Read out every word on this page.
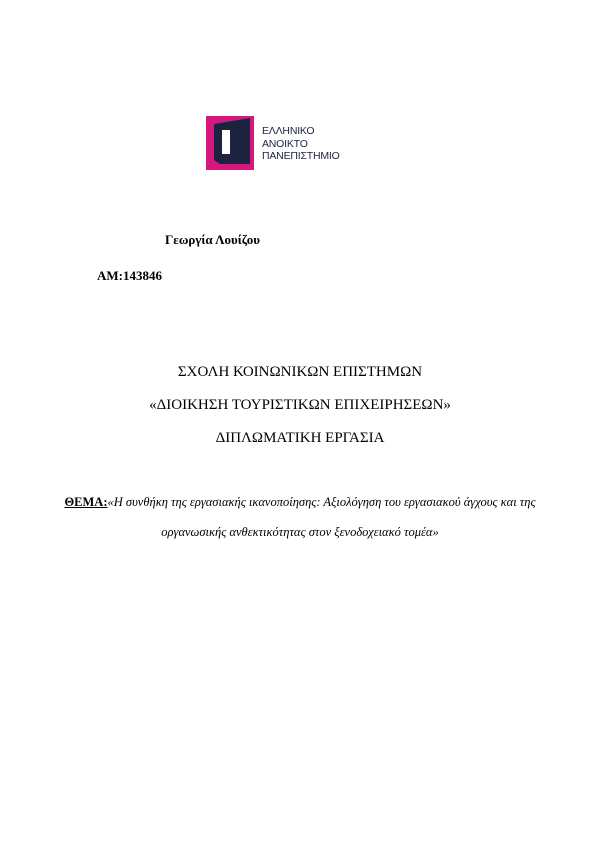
ΕΛΛΗΝΙΚΟ
ΑΝΟΙΚΤΟ
ΠΑΝΕΠΙΣΤΗΜΙΟ
Γεωργία Λουίζου
ΑΜ:143846
ΣΧΟΛΗ ΚΟΙΝΩΝΙΚΩΝ ΕΠΙΣΤΗΜΩΝ
«ΔΙΟΙΚΗΣΗ ΤΟΥΡΙΣΤΙΚΩΝ ΕΠΙΧΕΙΡΗΣΕΩΝ»
ΔΙΠΛΩΜΑΤΙΚΗ ΕΡΓΑΣΙΑ
ΘΕΜΑ:«Η συνθήκη της εργασιακής ικανοποίησης: Αξιολόγηση του εργασιακού άγχους και της οργανωσικής ανθεκτικότητας στον ξενοδοχειακό τομέα»
